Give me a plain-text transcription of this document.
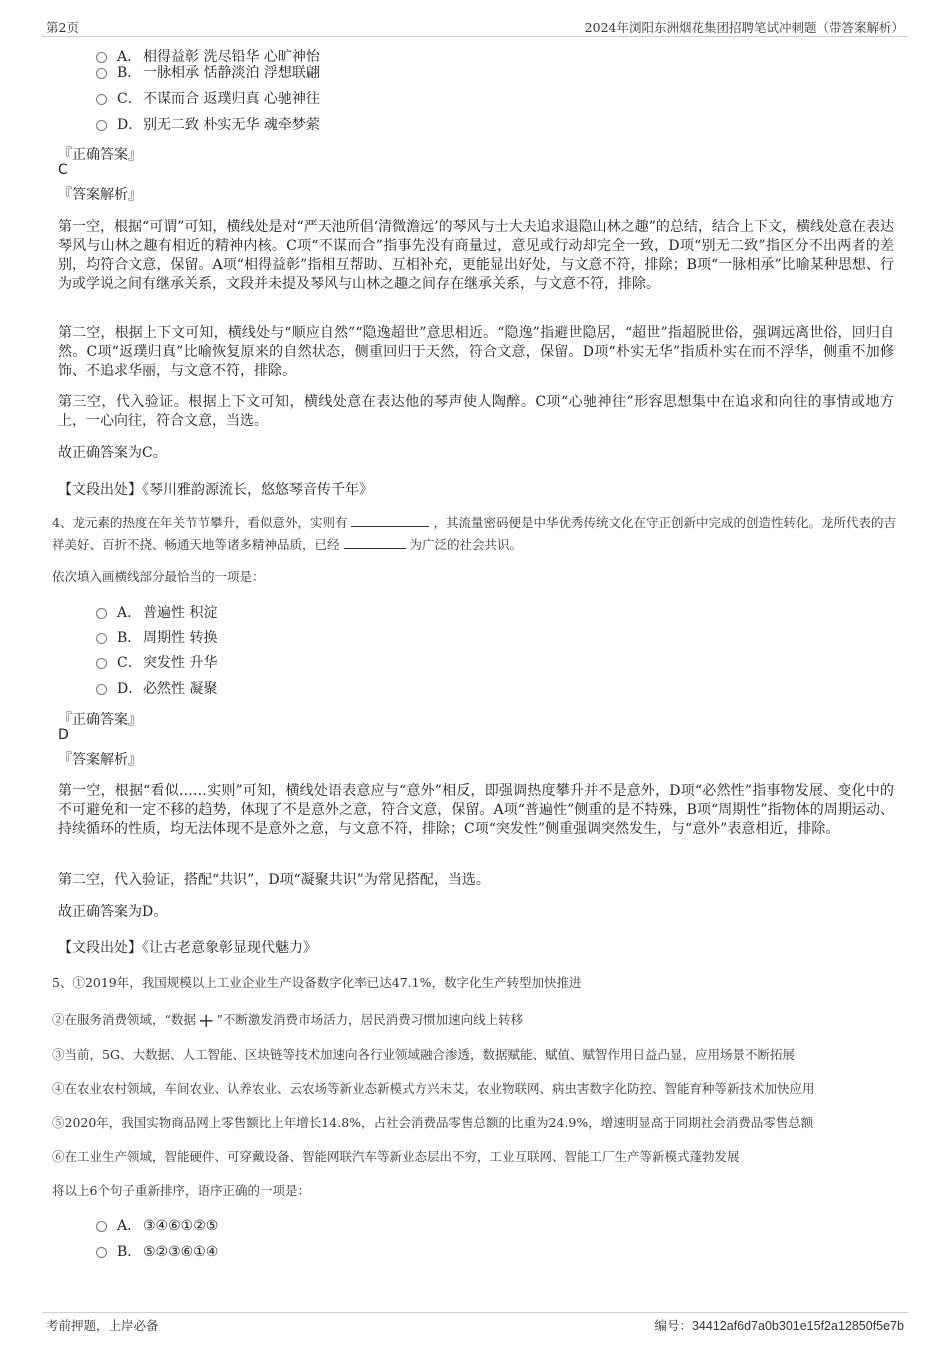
第2页	2024年浏阳东洲烟花集团招聘笔试冲刺题（带答案解析）
A． 相得益彰 洗尽铅华 心旷神怡
B． 一脉相承 恬静淡泊 浮想联翩
C．不谋而合 返璞归真 心驰神往
D．别无二致 朴实无华 魂牵梦萦
『正确答案』
C
『答案解析』

第一空，根据“可谓”可知，横线处是对“严天池所倡‘清微澹远’的琴风与士大夫追求退隐山林之趣”的总结，结合上下文，横线处意在表达琴风与山林之趣有相近的精神内核。C项“不谋而合”指事先没有商量过，意见或行动却完全一致，D项“别无二致”指区分不出两者的差别，均符合文意，保留。A项“相得益彰”指相互帮助、互相补充，更能显出好处，与文意不符，排除；B项“一脉相承”比喻某种思想、行为或学说之间有继承关系，文段并未提及琴风与山林之趣之间存在继承关系，与文意不符，排除。

第二空，根据上下文可知，横线处与“顺应自然”“隐逸超世”意思相近。“隐逸”指避世隐居，“超世”指超脱世俗，强调远离世俗，回归自然。C项“返璞归真”比喻恢复原来的自然状态，侧重回归于天然，符合文意，保留。D项“朴实无华”指质朴实在而不浮华，侧重不加修饰、不追求华丽，与文意不符，排除。

第三空，代入验证。根据上下文可知，横线处意在表达他的琴声使人陶醉。C项“心驰神往”形容思想集中在追求和向往的事情或地方上，一心向往，符合文意，当选。

故正确答案为C。

【文段出处】《琴川雅韵源流长，悠悠琴音传千年》

4、龙元素的热度在年关节节攀升，看似意外，实则有	，其流量密码便是中华优秀传统文化在守正创新中完成的创造性转化。龙所代表的吉祥美好、百折不挠、畅通天地等诸多精神品质，已经	为广泛的社会共识。

依次填入画横线部分最恰当的一项是：

A． 普遍性 积淀
B． 周期性 转换
C．突发性 升华
D．必然性 凝聚
『正确答案』
D
『答案解析』

第一空，根据“看似……实则”可知，横线处语表意应与“意外”相反，即强调热度攀升并不是意外，D项“必然性”指事物发展、变化中的不可避免和一定不移的趋势，体现了不是意外之意，符合文意，保留。A项“普遍性”侧重的是不特殊，B项“周期性”指物体的周期运动、持续循环的性质，均无法体现不是意外之意，与文意不符，排除；C项“突发性”侧重强调突然发生，与“意外”表意相近，排除。

第二空，代入验证，搭配“共识”，D项“凝聚共识”为常见搭配，当选。

故正确答案为D。

【文段出处】《让古老意象彰显现代魅力》

5、①2019年，我国规模以上工业企业生产设备数字化率已达47.1%，数字化生产转型加快推进

②在服务消费领域，“数据 + ”不断激发消费市场活力，居民消费习惯加速向线上转移

③当前，5G、大数据、人工智能、区块链等技术加速向各行业领域融合渗透，数据赋能、赋值、赋智作用日益凸显，应用场景不断拓展

④在农业农村领域，车间农业、认养农业、云农场等新业态新模式方兴未艾，农业物联网、病虫害数字化防控、智能育种等新技术加快应用

⑤2020年，我国实物商品网上零售额比上年增长14.8%，占社会消费品零售总额的比重为24.9%，增速明显高于同期社会消费品零售总额

⑥在工业生产领域，智能硬件、可穿戴设备、智能网联汽车等新业态层出不穷，工业互联网、智能工厂生产等新模式蓬勃发展

将以上6个句子重新排序，语序正确的一项是：

A． ③④⑥①②⑤
B． ⑤②③⑥①④
考前押题，上岸必备	编号：34412af6d7a0b301e15f2a12850f5e7b
